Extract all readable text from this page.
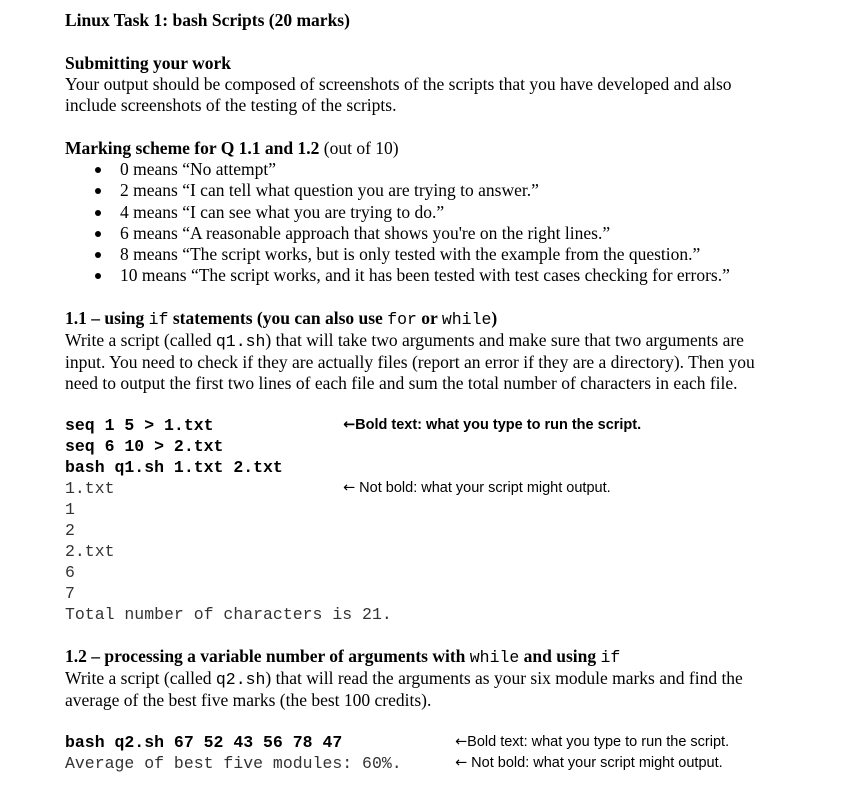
Linux Task 1: bash Scripts (20 marks)
Submitting your work

Your output should be composed of screenshots of the scripts that you have developed and also

include screenshots of the testing of the scripts.

Marking scheme for Q 1.1 and 1.2 (out of 10)
0 means “No attempt”
2 means “I can tell what question you are trying to answer.”
4 means “I can see what you are trying to do.”
6 means “A reasonable approach that shows you're on the right lines.”
8 means “The script works, but is only tested with the example from the question.”
10 means “The script works, and it has been tested with test cases checking for errors.”
1.1 – using if statements (you can also use for or while)

Write a script (called q1.sh) that will take two arguments and make sure that two arguments are

input. You need to check if they are actually files (report an error if they are a directory). Then you

need to output the first two lines of each file and sum the total number of characters in each file.

seq 1 5 > 1.txt	←Bold text: what you type to run the script.
seq 6 10 > 2.txt
bash q1.sh 1.txt 2.txt
1.txt	← Not bold: what your script might output.
1
2
2.txt
6
7
Total number of characters is 21.
1.2 – processing a variable number of arguments with while and using if

Write a script (called q2.sh) that will read the arguments as your six module marks and find the

average of the best five marks (the best 100 credits).

bash q2.sh 67 52 43 56 78 47	←Bold text: what you type to run the script.
Average of best five modules: 60%.	← Not bold: what your script might output.
